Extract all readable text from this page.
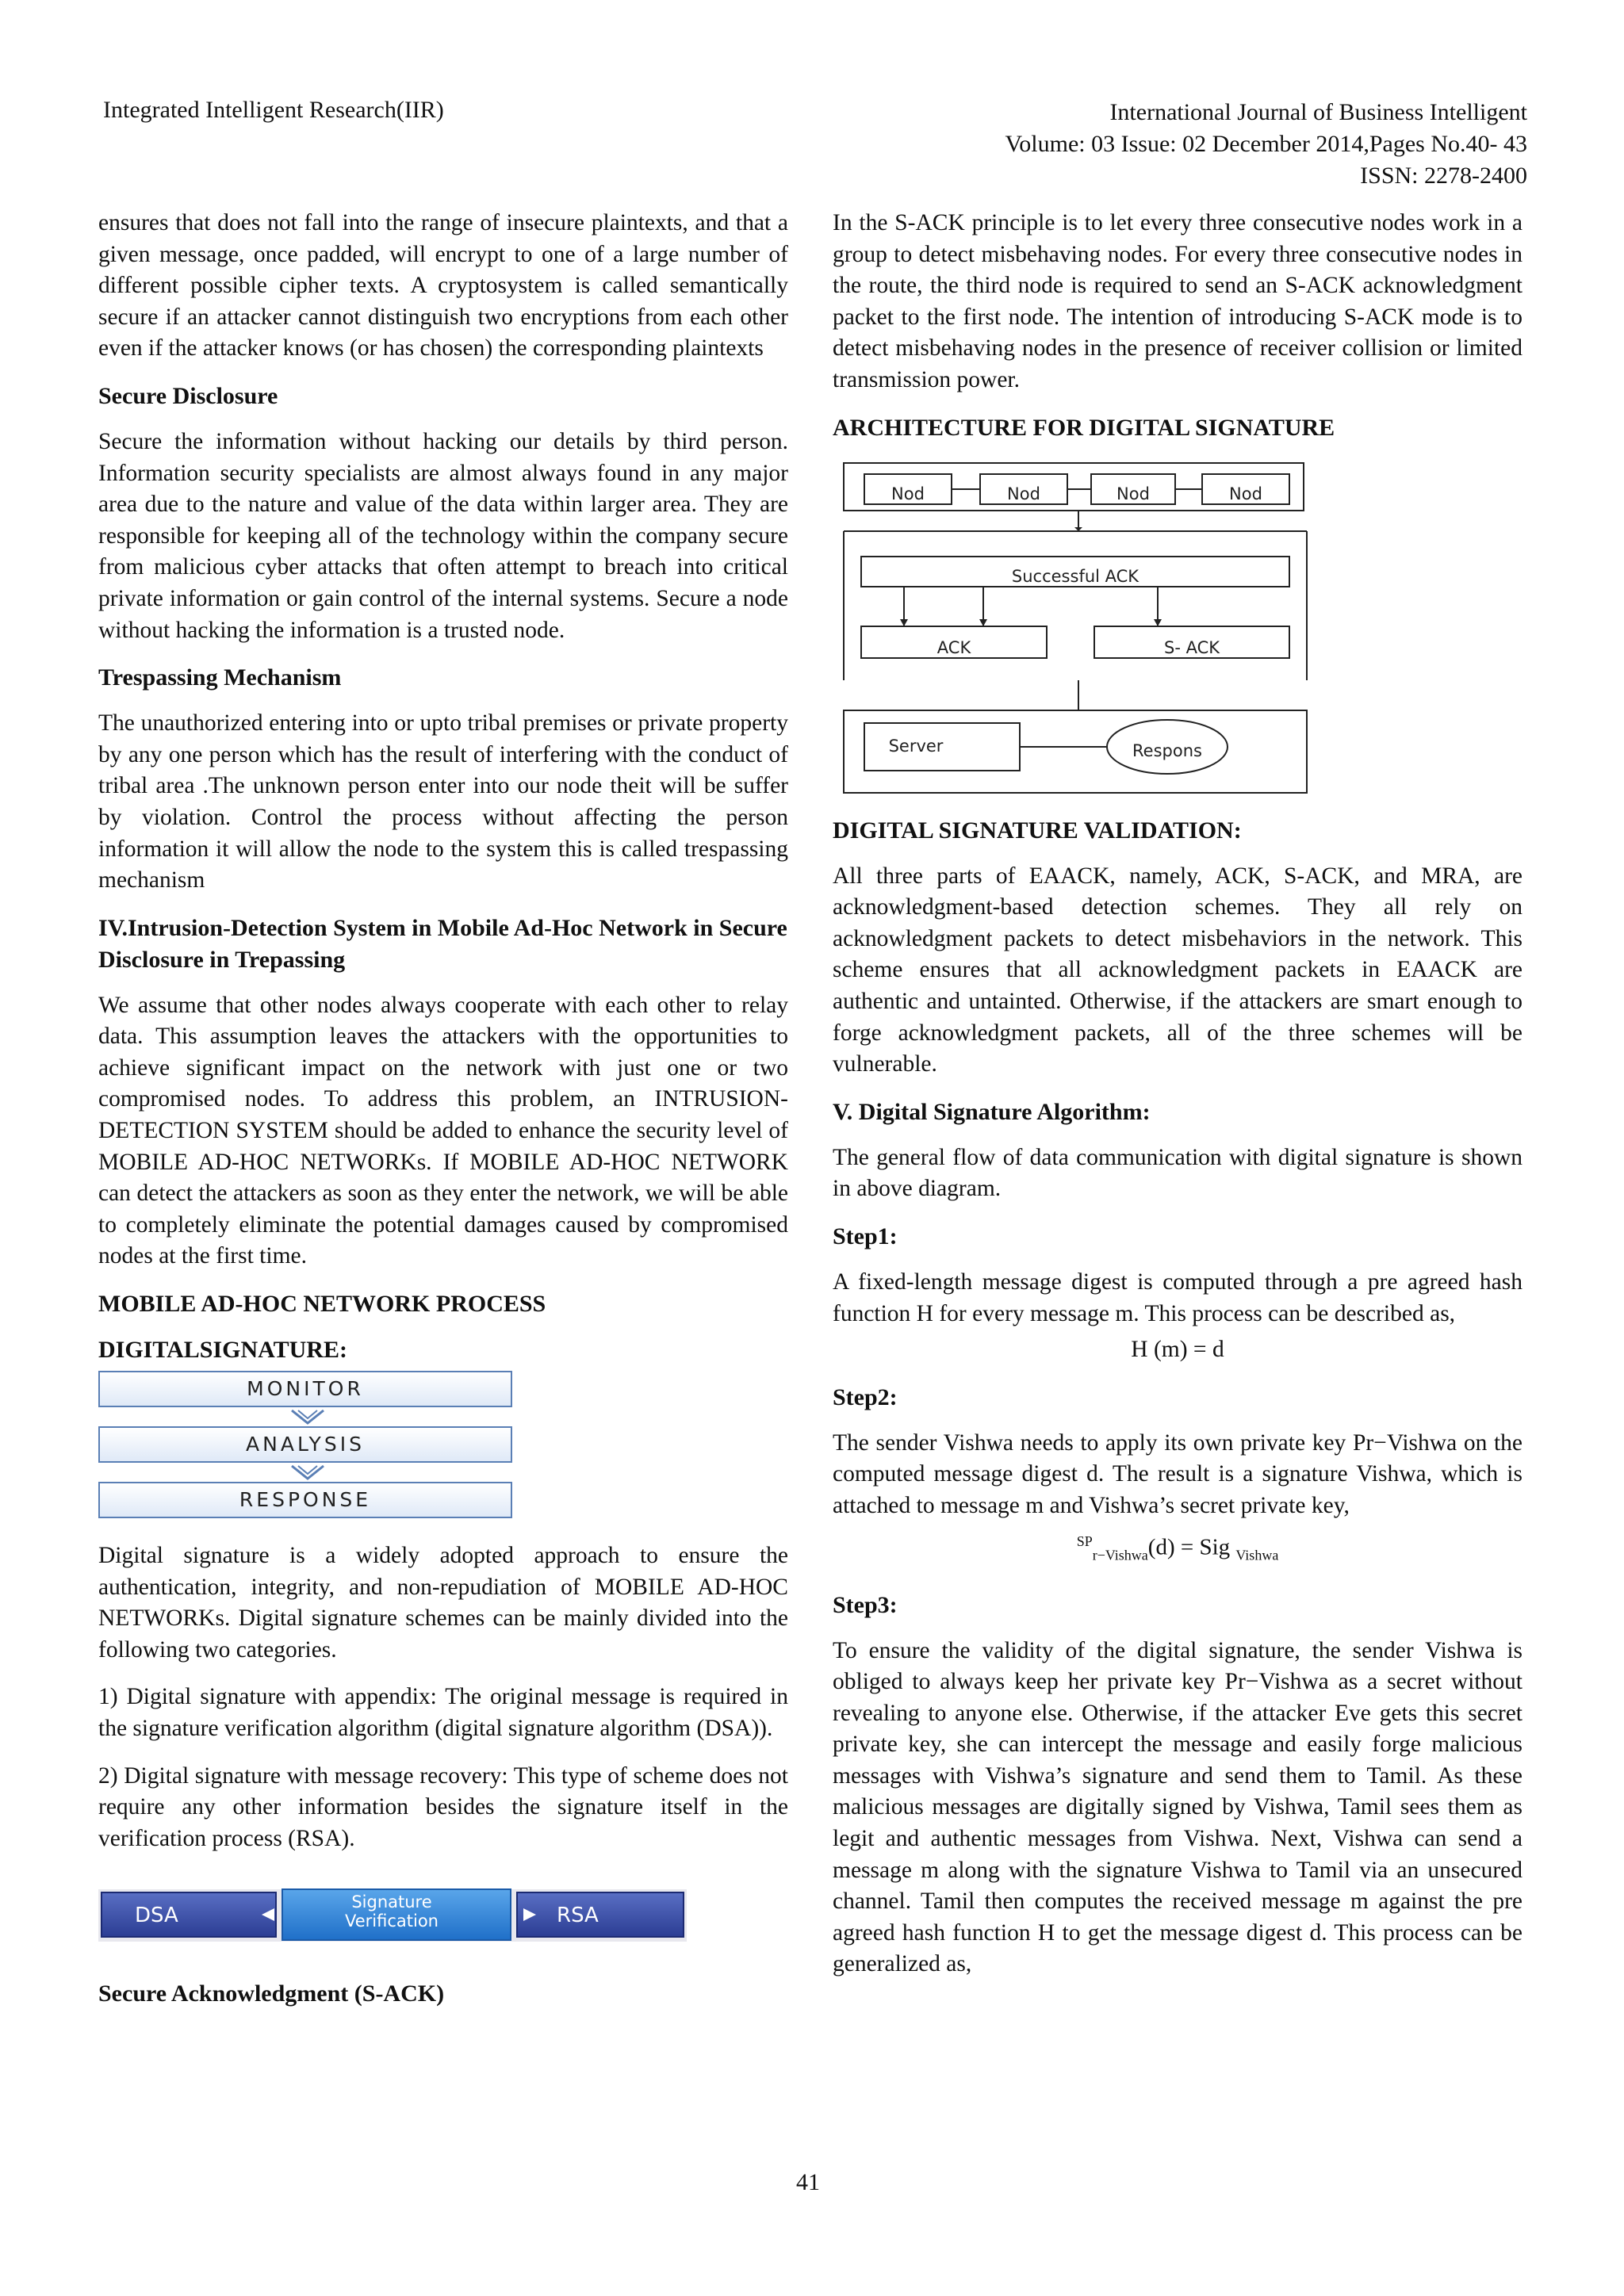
Integrated Intelligent Research(IIR)	International Journal of Business Intelligent
Volume: 03 Issue: 02 December 2014,Pages No.40- 43
ISSN: 2278-2400

ensures that does not fall into the range of insecure plaintexts, and that a given message, once padded, will encrypt to one of a large number of different possible cipher texts. A cryptosystem is called semantically secure if an attacker cannot distinguish two encryptions from each other even if the attacker knows (or has chosen) the corresponding plaintexts

Secure Disclosure

Secure the information without hacking our details by third person. Information security specialists are almost always found in any major area due to the nature and value of the data within larger area. They are responsible for keeping all of the technology within the company secure from malicious cyber attacks that often attempt to breach into critical private information or gain control of the internal systems. Secure a node without hacking the information is a trusted node.

Trespassing Mechanism

The unauthorized entering into or upto tribal premises or private property by any one person which has the result of interfering with the conduct of tribal area .The unknown person enter into our node theit will be suffer by violation. Control the process without affecting the person information it will allow the node to the system this is called trespassing mechanism

IV.Intrusion-Detection System in Mobile Ad-Hoc Network in Secure Disclosure in Trepassing

We assume that other nodes always cooperate with each other to relay data. This assumption leaves the attackers with the opportunities to achieve significant impact on the network with just one or two compromised nodes. To address this problem, an INTRUSION-DETECTION SYSTEM should be added to enhance the security level of MOBILE AD-HOC NETWORKs. If MOBILE AD-HOC NETWORK can detect the attackers as soon as they enter the network, we will be able to completely eliminate the potential damages caused by compromised nodes at the first time.

MOBILE AD-HOC NETWORK PROCESS
DIGITALSIGNATURE:
MONITOR
ANALYSIS
RESPONSE

Digital signature is a widely adopted approach to ensure the authentication, integrity, and non-repudiation of MOBILE AD-HOC NETWORKs. Digital signature schemes can be mainly divided into the following two categories.

1) Digital signature with appendix: The original message is required in the signature verification algorithm (digital signature algorithm (DSA)).

2) Digital signature with message recovery: This type of scheme does not require any other information besides the signature itself in the verification process (RSA).

DSA
Signature
Verification	RSA
Secure Acknowledgment (S-ACK)

In the S-ACK principle is to let every three consecutive nodes work in a group to detect misbehaving nodes. For every three consecutive nodes in the route, the third node is required to send an S-ACK acknowledgment packet to the first node. The intention of introducing S-ACK mode is to detect misbehaving nodes in the presence of receiver collision or limited transmission power.

ARCHITECTURE FOR DIGITAL SIGNATURE
Nod	Nod	Nod	Nod
Successful ACK
ACK	S- ACK
Server	Respons
DIGITAL SIGNATURE VALIDATION:

All three parts of EAACK, namely, ACK, S-ACK, and MRA, are acknowledgment-based detection schemes. They all rely on acknowledgment packets to detect misbehaviors in the network. This scheme ensures that all acknowledgment packets in EAACK are authentic and untainted. Otherwise, if the attackers are smart enough to forge acknowledgment packets, all of the three schemes will be vulnerable.

V. Digital Signature Algorithm:

The general flow of data communication with digital signature is shown in above diagram.

Step1:

A fixed-length message digest is computed through a pre agreed hash function H for every message m. This process can be described as,

H (m) = d
Step2:

The sender Vishwa needs to apply its own private key Pr−Vishwa on the computed message digest d. The result is a signature Vishwa, which is attached to message m and Vishwa’s secret private key,

$^{SP}_{r-Vishwa}$(d) = Sig $_{Vishwa}$
Step3:

To ensure the validity of the digital signature, the sender Vishwa is obliged to always keep her private key Pr−Vishwa as a secret without revealing to anyone else. Otherwise, if the attacker Eve gets this secret private key, she can intercept the message and easily forge malicious messages with Vishwa’s signature and send them to Tamil. As these malicious messages are digitally signed by Vishwa, Tamil sees them as legit and authentic messages from Vishwa. Next, Vishwa can send a message m along with the signature Vishwa to Tamil via an unsecured channel. Tamil then computes the received message m against the pre agreed hash function H to get the message digest d. This process can be generalized as,

41
